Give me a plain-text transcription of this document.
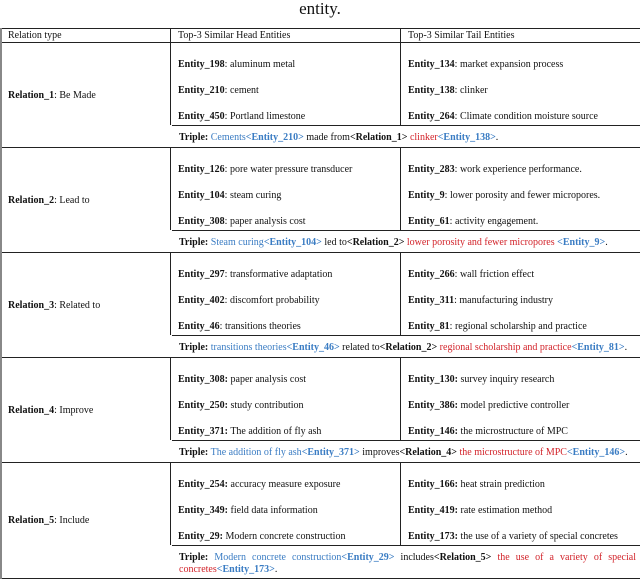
entity.
Relation type	Top-3 Similar Head Entities	Top-3 Similar Tail Entities
Relation_1 : Be Made
Entity_198: aluminum metal
Entity_210: cement
Entity_450: Portland limestone
Entity_134: market expansion process
Entity_138: clinker
Entity_264: Climate condition moisture source
Triple: Cements<Entity_210> made from<Relation_1> clinker<Entity_138>.
Relation_2 : Lead to
Entity_126: pore water pressure transducer
Entity_104: steam curing
Entity_308: paper analysis cost
Entity_283: work experience performance.
Entity_9: lower porosity and fewer micropores.
Entity_61: activity engagement.
Triple: Steam curing<Entity_104> led to<Relation_2> lower porosity and fewer micropores <Entity_9>.
Relation_3 : Related to
Entity_297: transformative adaptation
Entity_402: discomfort probability
Entity_46: transitions theories
Entity_266: wall friction effect
Entity_311: manufacturing industry
Entity_81: regional scholarship and practice
Triple: transitions theories<Entity_46> related to<Relation_2> regional scholarship and practice<Entity_81>.
Relation_4 : Improve
Entity_308: paper analysis cost
Entity_250: study contribution
Entity_371: The addition of fly ash
Entity_130: survey inquiry research
Entity_386: model predictive controller
Entity_146: the microstructure of MPC
Triple: The addition of fly ash<Entity_371> improves<Relation_4> the microstructure of MPC<Entity_146>.
Relation_5 : Include
Entity_254: accuracy measure exposure
Entity_349: field data information
Entity_29: Modern concrete construction
Entity_166: heat strain prediction
Entity_419: rate estimation method
Entity_173: the use of a variety of special concretes
Triple: Modern concrete construction<Entity_29> includes<Relation_5> the use of a variety of special concretes<Entity_173>.
